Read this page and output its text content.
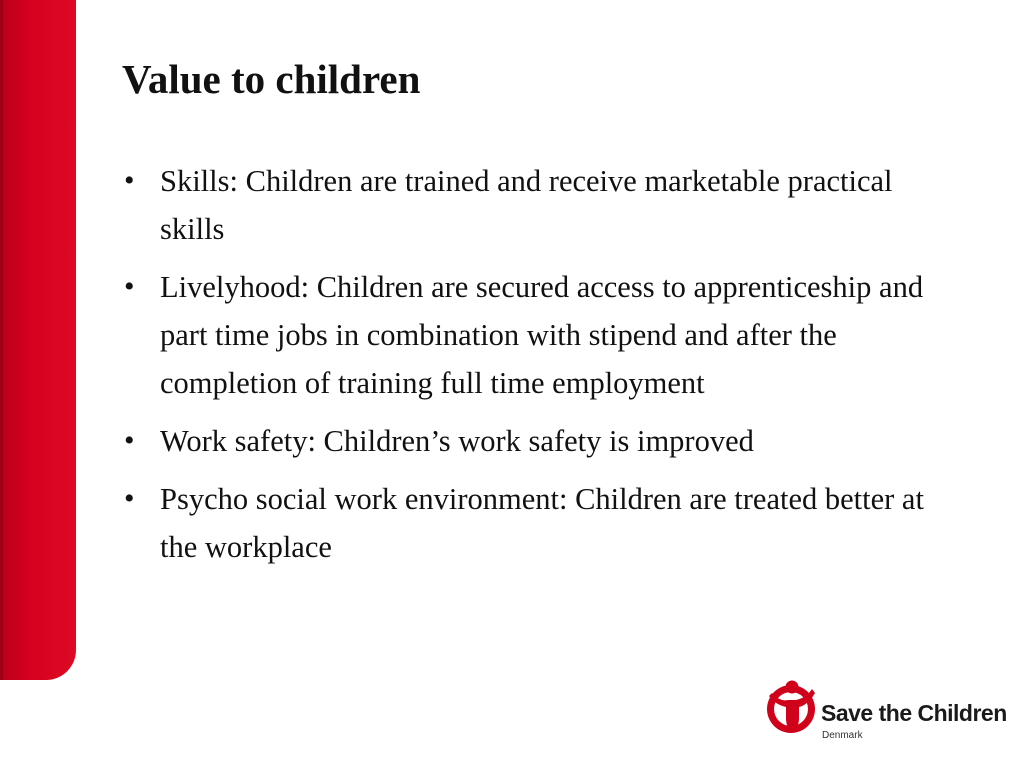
Value to children
• Skills: Children are trained and receive marketable practical skills
• Livelyhood: Children are secured access to apprenticeship and part time jobs in combination with stipend and after the completion of training full time employment
• Work safety: Children’s work safety is improved
• Psycho social work environment: Children are treated better at the workplace
Save the Children
Denmark
